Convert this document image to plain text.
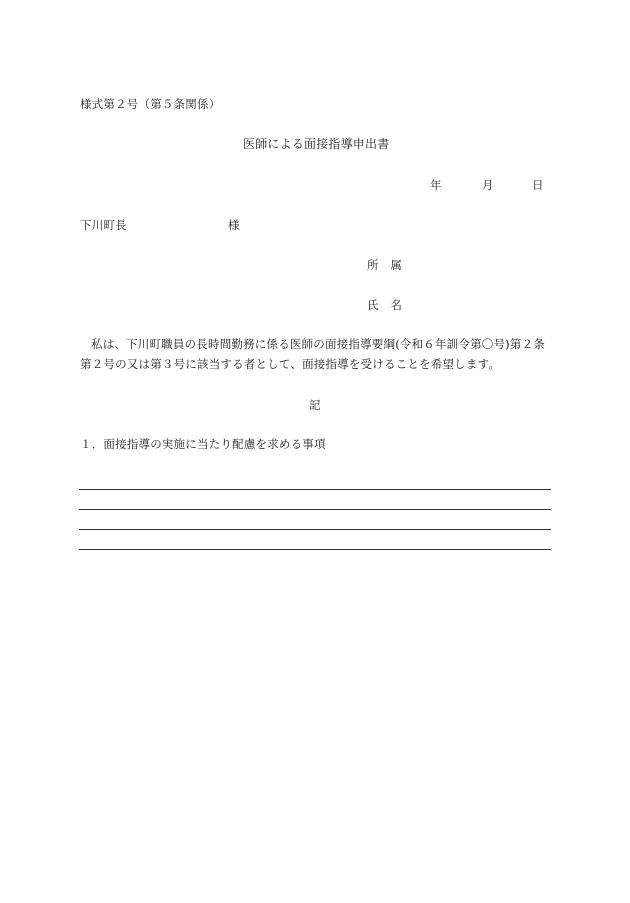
様式第２号（第５条関係）
医師による面接指導申出書
年	月	日
下川町長	様
所　属
氏　名
私は、下川町職員の長時間勤務に係る医師の面接指導要綱(令和６年訓令第〇号)第２条第２号の又は第３号に該当する者として、面接指導を受けることを希望します。
記
１．面接指導の実施に当たり配慮を求める事項
